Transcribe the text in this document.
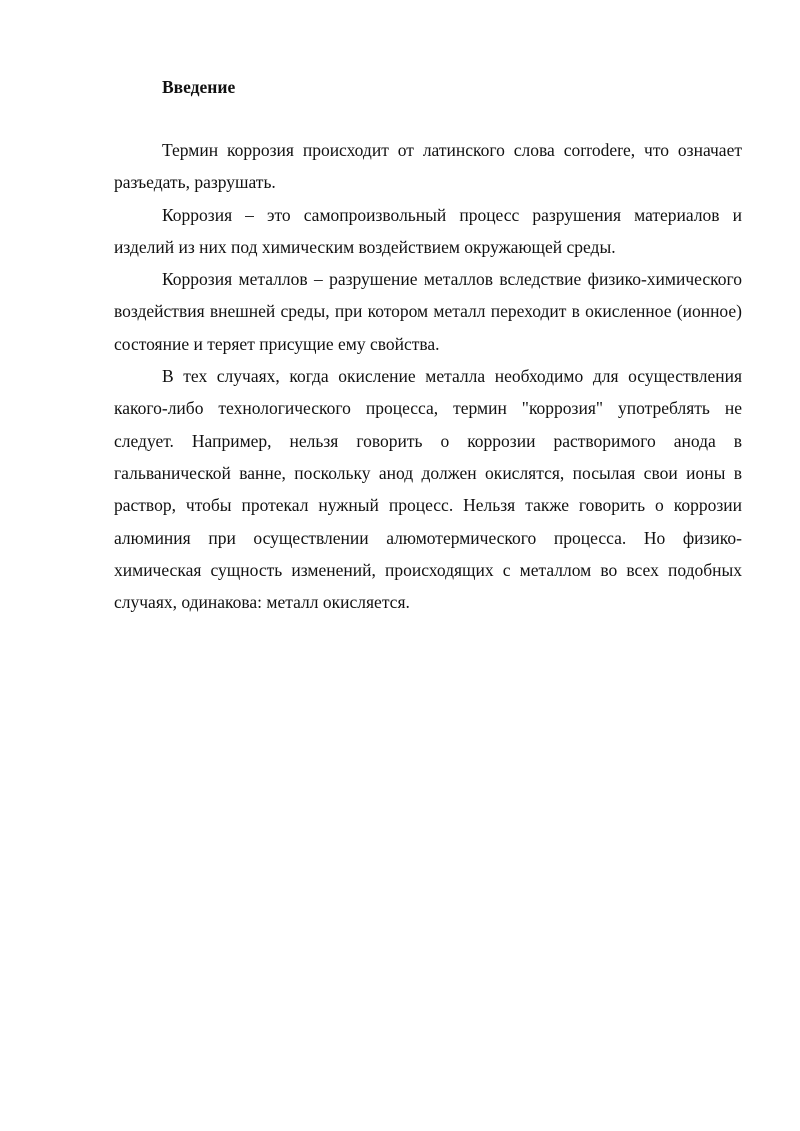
Введение

Термин коррозия происходит от латинского слова corrodere, что означает разъедать, разрушать.

Коррозия – это самопроизвольный процесс разрушения материалов и изделий из них под химическим воздействием окружающей среды.

Коррозия металлов – разрушение металлов вследствие физико-химического воздействия внешней среды, при котором металл переходит в окисленное (ионное) состояние и теряет присущие ему свойства.

В тех случаях, когда окисление металла необходимо для осуществления какого-либо технологического процесса, термин "коррозия" употреблять не следует. Например, нельзя говорить о коррозии растворимого анода в гальванической ванне, поскольку анод должен окислятся, посылая свои ионы в раствор, чтобы протекал нужный процесс. Нельзя также говорить о коррозии алюминия при осуществлении алюмотермического процесса. Но физико-химическая сущность изменений, происходящих с металлом во всех подобных случаях, одинакова: металл окисляется.
